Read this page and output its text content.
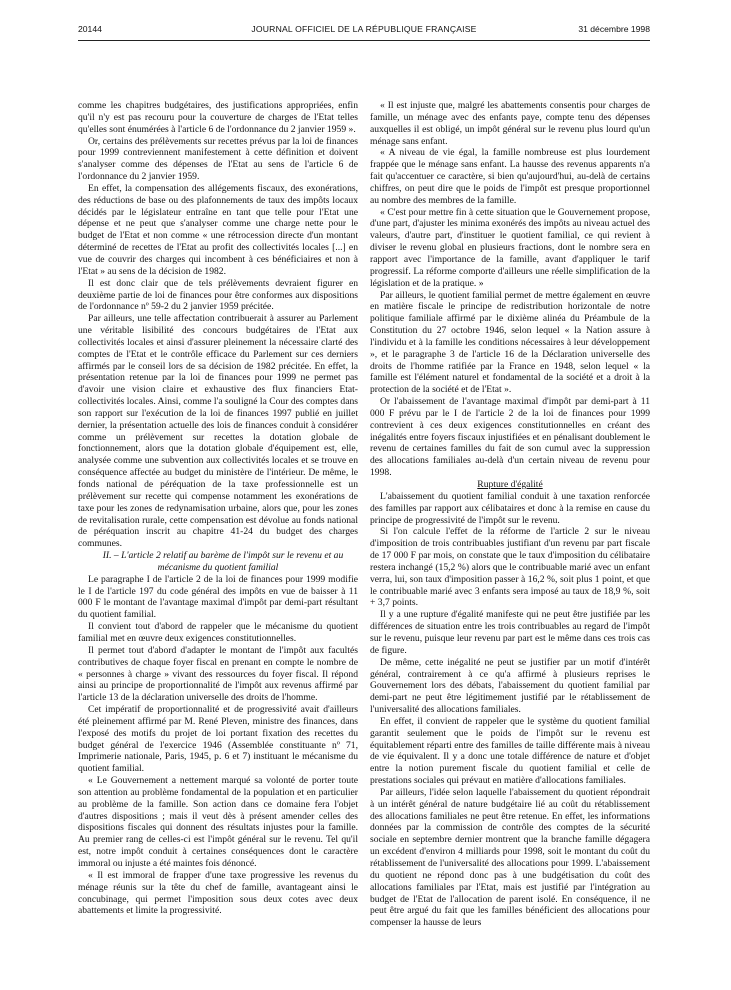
20144	JOURNAL OFFICIEL DE LA RÉPUBLIQUE FRANÇAISE	31 décembre 1998

comme les chapitres budgétaires, des justifications appropriées, enfin qu'il n'y est pas recouru pour la couverture de charges de l'Etat telles qu'elles sont énumérées à l'article 6 de l'ordonnance du 2 janvier 1959 ».

Or, certains des prélèvements sur recettes prévus par la loi de finances pour 1999 contreviennent manifestement à cette définition et doivent s'analyser comme des dépenses de l'Etat au sens de l'article 6 de l'ordonnance du 2 janvier 1959.

En effet, la compensation des allégements fiscaux, des exonérations, des réductions de base ou des plafonnements de taux des impôts locaux décidés par le législateur entraîne en tant que telle pour l'Etat une dépense et ne peut que s'analyser comme une charge nette pour le budget de l'Etat et non comme « une rétrocession directe d'un montant déterminé de recettes de l'Etat au profit des collectivités locales [...] en vue de couvrir des charges qui incombent à ces bénéficiaires et non à l'Etat » au sens de la décision de 1982.

Il est donc clair que de tels prélèvements devraient figurer en deuxième partie de loi de finances pour être conformes aux dispositions de l'ordonnance nº 59-2 du 2 janvier 1959 précitée.

Par ailleurs, une telle affectation contribuerait à assurer au Parlement une véritable lisibilité des concours budgétaires de l'Etat aux collectivités locales et ainsi d'assurer pleinement la nécessaire clarté des comptes de l'Etat et le contrôle efficace du Parlement sur ces derniers affirmés par le conseil lors de sa décision de 1982 précitée. En effet, la présentation retenue par la loi de finances pour 1999 ne permet pas d'avoir une vision claire et exhaustive des flux financiers Etat-collectivités locales. Ainsi, comme l'a souligné la Cour des comptes dans son rapport sur l'exécution de la loi de finances 1997 publié en juillet dernier, la présentation actuelle des lois de finances conduit à considérer comme un prélèvement sur recettes la dotation globale de fonctionnement, alors que la dotation globale d'équipement est, elle, analysée comme une subvention aux collectivités locales et se trouve en conséquence affectée au budget du ministère de l'intérieur. De même, le fonds national de péréquation de la taxe professionnelle est un prélèvement sur recette qui compense notamment les exonérations de taxe pour les zones de redynamisation urbaine, alors que, pour les zones de revitalisation rurale, cette compensation est dévolue au fonds national de péréquation inscrit au chapitre 41-24 du budget des charges communes.

II. – L'article 2 relatif au barème de l'impôt sur le revenu et au mécanisme du quotient familial

Le paragraphe I de l'article 2 de la loi de finances pour 1999 modifie le I de l'article 197 du code général des impôts en vue de baisser à 11 000 F le montant de l'avantage maximal d'impôt par demi-part résultant du quotient familial.

Il convient tout d'abord de rappeler que le mécanisme du quotient familial met en œuvre deux exigences constitutionnelles.

Il permet tout d'abord d'adapter le montant de l'impôt aux facultés contributives de chaque foyer fiscal en prenant en compte le nombre de « personnes à charge » vivant des ressources du foyer fiscal. Il répond ainsi au principe de proportionnalité de l'impôt aux revenus affirmé par l'article 13 de la déclaration universelle des droits de l'homme.

Cet impératif de proportionnalité et de progressivité avait d'ailleurs été pleinement affirmé par M. René Pleven, ministre des finances, dans l'exposé des motifs du projet de loi portant fixation des recettes du budget général de l'exercice 1946 (Assemblée constituante nº 71, Imprimerie nationale, Paris, 1945, p. 6 et 7) instituant le mécanisme du quotient familial.

« Le Gouvernement a nettement marqué sa volonté de porter toute son attention au problème fondamental de la population et en particulier au problème de la famille. Son action dans ce domaine fera l'objet d'autres dispositions ; mais il veut dès à présent amender celles des dispositions fiscales qui donnent des résultats injustes pour la famille. Au premier rang de celles-ci est l'impôt général sur le revenu. Tel qu'il est, notre impôt conduit à certaines conséquences dont le caractère immoral ou injuste a été maintes fois dénoncé.

« Il est immoral de frapper d'une taxe progressive les revenus du ménage réunis sur la tête du chef de famille, avantageant ainsi le concubinage, qui permet l'imposition sous deux cotes avec deux abattements et limite la progressivité.

« Il est injuste que, malgré les abattements consentis pour charges de famille, un ménage avec des enfants paye, compte tenu des dépenses auxquelles il est obligé, un impôt général sur le revenu plus lourd qu'un ménage sans enfant.

« A niveau de vie égal, la famille nombreuse est plus lourdement frappée que le ménage sans enfant. La hausse des revenus apparents n'a fait qu'accentuer ce caractère, si bien qu'aujourd'hui, au-delà de certains chiffres, on peut dire que le poids de l'impôt est presque proportionnel au nombre des membres de la famille.

« C'est pour mettre fin à cette situation que le Gouvernement propose, d'une part, d'ajuster les minima exonérés des impôts au niveau actuel des valeurs, d'autre part, d'instituer le quotient familial, ce qui revient à diviser le revenu global en plusieurs fractions, dont le nombre sera en rapport avec l'importance de la famille, avant d'appliquer le tarif progressif. La réforme comporte d'ailleurs une réelle simplification de la législation et de la pratique. »

Par ailleurs, le quotient familial permet de mettre également en œuvre en matière fiscale le principe de redistribution horizontale de notre politique familiale affirmé par le dixième alinéa du Préambule de la Constitution du 27 octobre 1946, selon lequel « la Nation assure à l'individu et à la famille les conditions nécessaires à leur développement », et le paragraphe 3 de l'article 16 de la Déclaration universelle des droits de l'homme ratifiée par la France en 1948, selon lequel « la famille est l'élément naturel et fondamental de la société et a droit à la protection de la société et de l'Etat ».

Or l'abaissement de l'avantage maximal d'impôt par demi-part à 11 000 F prévu par le I de l'article 2 de la loi de finances pour 1999 contrevient à ces deux exigences constitutionnelles en créant des inégalités entre foyers fiscaux injustifiées et en pénalisant doublement le revenu de certaines familles du fait de son cumul avec la suppression des allocations familiales au-delà d'un certain niveau de revenu pour 1998.

Rupture d'égalité

L'abaissement du quotient familial conduit à une taxation renforcée des familles par rapport aux célibataires et donc à la remise en cause du principe de progressivité de l'impôt sur le revenu.

Si l'on calcule l'effet de la réforme de l'article 2 sur le niveau d'imposition de trois contribuables justifiant d'un revenu par part fiscale de 17 000 F par mois, on constate que le taux d'imposition du célibataire restera inchangé (15,2 %) alors que le contribuable marié avec un enfant verra, lui, son taux d'imposition passer à 16,2 %, soit plus 1 point, et que le contribuable marié avec 3 enfants sera imposé au taux de 18,9 %, soit + 3,7 points.

Il y a une rupture d'égalité manifeste qui ne peut être justifiée par les différences de situation entre les trois contribuables au regard de l'impôt sur le revenu, puisque leur revenu par part est le même dans ces trois cas de figure.

De même, cette inégalité ne peut se justifier par un motif d'intérêt général, contrairement à ce qu'a affirmé à plusieurs reprises le Gouvernement lors des débats, l'abaissement du quotient familial par demi-part ne peut être légitimement justifié par le rétablissement de l'universalité des allocations familiales.

En effet, il convient de rappeler que le système du quotient familial garantit seulement que le poids de l'impôt sur le revenu est équitablement réparti entre des familles de taille différente mais à niveau de vie équivalent. Il y a donc une totale différence de nature et d'objet entre la notion purement fiscale du quotient familial et celle de prestations sociales qui prévaut en matière d'allocations familiales.

Par ailleurs, l'idée selon laquelle l'abaissement du quotient répondrait à un intérêt général de nature budgétaire lié au coût du rétablissement des allocations familiales ne peut être retenue. En effet, les informations données par la commission de contrôle des comptes de la sécurité sociale en septembre dernier montrent que la branche famille dégagera un excédent d'environ 4 milliards pour 1998, soit le montant du coût du rétablissement de l'universalité des allocations pour 1999. L'abaissement du quotient ne répond donc pas à une budgétisation du coût des allocations familiales par l'Etat, mais est justifié par l'intégration au budget de l'Etat de l'allocation de parent isolé. En conséquence, il ne peut être argué du fait que les familles bénéficient des allocations pour compenser la hausse de leurs
